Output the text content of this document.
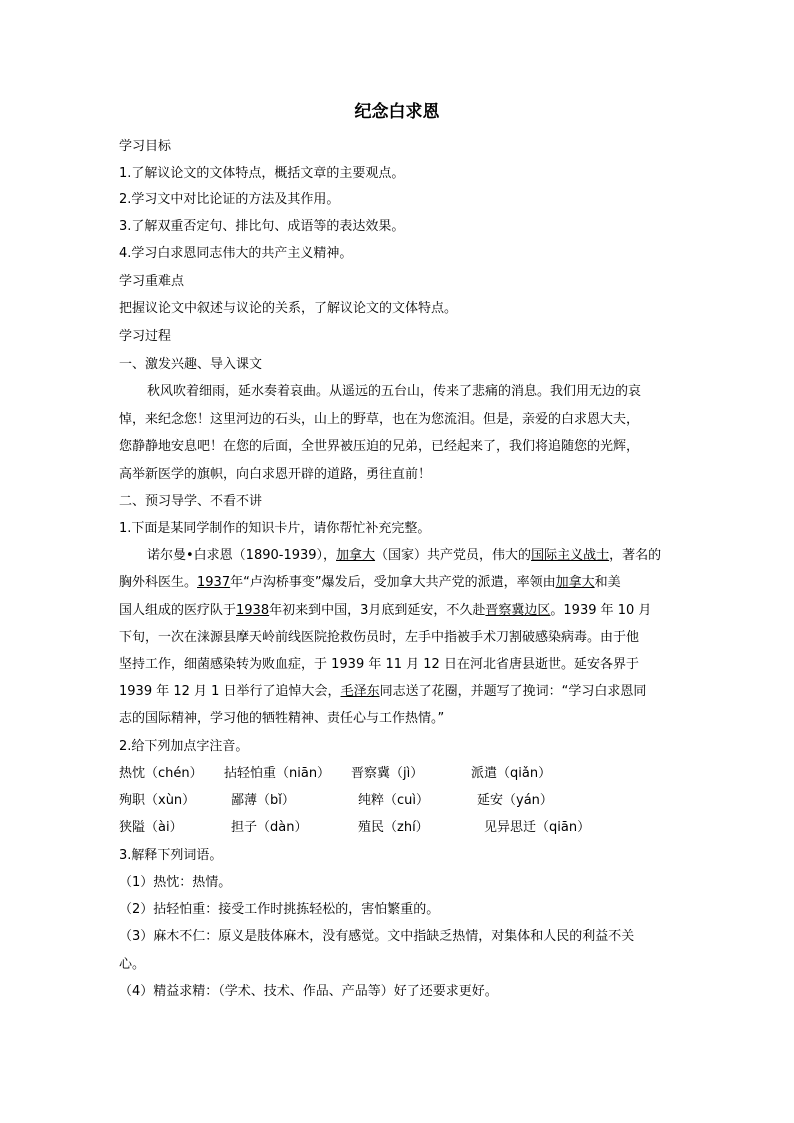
纪念白求恩
学习目标
1.了解议论文的文体特点，概括文章的主要观点。
2.学习文中对比论证的方法及其作用。
3.了解双重否定句、排比句、成语等的表达效果。
4.学习白求恩同志伟大的共产主义精神。
学习重难点
把握议论文中叙述与议论的关系，了解议论文的文体特点。
学习过程
一、激发兴趣、导入课文
秋风吹着细雨，延水奏着哀曲。从遥远的五台山，传来了悲痛的消息。我们用无边的哀
悼，来纪念您！这里河边的石头，山上的野草，也在为您流泪。但是，亲爱的白求恩大夫，
您静静地安息吧！在您的后面，全世界被压迫的兄弟，已经起来了，我们将追随您的光辉，
高举新医学的旗帜，向白求恩开辟的道路，勇往直前！
二、预习导学、不看不讲
1.下面是某同学制作的知识卡片，请你帮忙补充完整。
诺尔曼•白求恩（1890-1939），加拿大（国家）共产党员，伟大的国际主义战士，著名的
胸外科医生。1937年“卢沟桥事变”爆发后，受加拿大共产党的派遣，率领由加拿大和美
国人组成的医疗队于1938年初来到中国，3月底到延安，不久赴晋察冀边区。1939 年 10 月
下旬，一次在涞源县摩天岭前线医院抢救伤员时，左手中指被手术刀割破感染病毒。由于他
坚持工作，细菌感染转为败血症，于 1939 年 11 月 12 日在河北省唐县逝世。延安各界于
1939 年 12 月 1 日举行了追悼大会，毛泽东同志送了花圈，并题写了挽词：“学习白求恩同
志的国际精神，学习他的牺牲精神、责任心与工作热情。”
2.给下列加点字注音。
热忱（chén） 拈轻怕重（niān） 晋察冀（jì）	派遣（qiǎn）
殉职（xùn）	鄙薄（bǐ）	纯粹（cuì）	延安（yán）
狭隘（ài）	担子（dàn）	殖民（zhí）	见异思迁（qiān）
3.解释下列词语。
（1）热忱：热情。
（2）拈轻怕重：接受工作时挑拣轻松的，害怕繁重的。
（3）麻木不仁：原义是肢体麻木，没有感觉。文中指缺乏热情，对集体和人民的利益不关
心。
（4）精益求精：（学术、技术、作品、产品等）好了还要求更好。
